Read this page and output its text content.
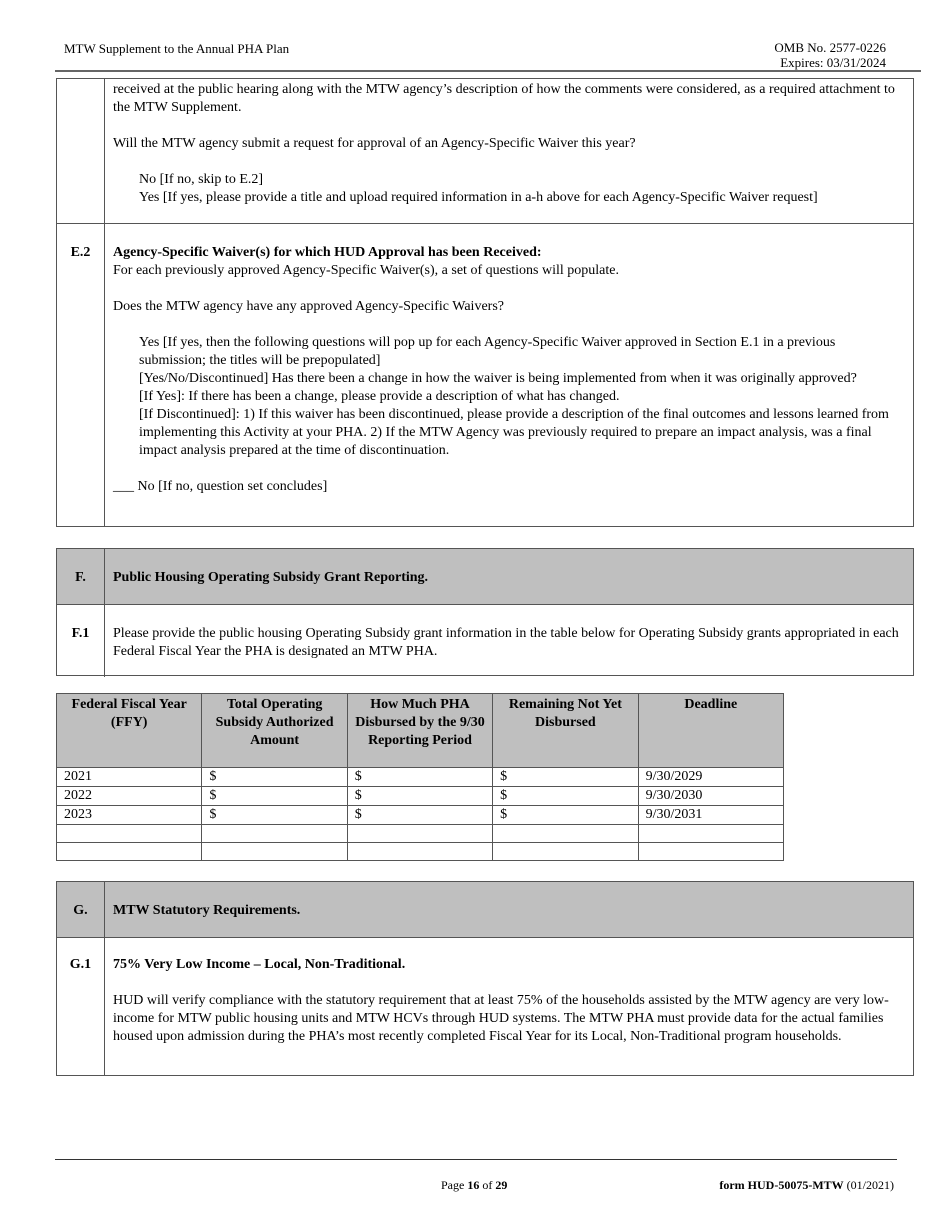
MTW Supplement to the Annual PHA Plan	OMB No. 2577-0226
Expires: 03/31/2024

received at the public hearing along with the MTW agency’s description of how the comments were considered, as a required attachment to the MTW Supplement.

Will the MTW agency submit a request for approval of an Agency-Specific Waiver this year?

No [If no, skip to E.2]

Yes [If yes, please provide a title and upload required information in a-h above for each Agency-Specific Waiver request]

E.2	Agency-Specific Waiver(s) for which HUD Approval has been Received:

For each previously approved Agency-Specific Waiver(s), a set of questions will populate.

Does the MTW agency have any approved Agency-Specific Waivers?

Yes [If yes, then the following questions will pop up for each Agency-Specific Waiver approved in Section E.1 in a previous submission; the titles will be prepopulated]

[Yes/No/Discontinued] Has there been a change in how the waiver is being implemented from when it was originally approved?

[If Yes]: If there has been a change, please provide a description of what has changed.

[If Discontinued]: 1) If this waiver has been discontinued, please provide a description of the final outcomes and lessons learned from implementing this Activity at your PHA. 2) If the MTW Agency was previously required to prepare an impact analysis, was a final impact analysis prepared at the time of discontinuation.

___ No [If no, question set concludes]

F.	Public Housing Operating Subsidy Grant Reporting.
F.1	Please provide the public housing Operating Subsidy grant information in the table below for Operating Subsidy grants appropriated in each Federal Fiscal Year the PHA is designated an MTW PHA.
Federal Fiscal Year (FFY)	Total Operating Subsidy Authorized Amount	How Much PHA Disbursed by the 9/30 Reporting Period	Remaining Not Yet Disbursed	Deadline
2021	$	$	$	9/30/2029
2022	$	$	$	9/30/2030
2023	$	$	$	9/30/2031

G.	MTW Statutory Requirements.
G.1	75% Very Low Income – Local, Non-Traditional.

HUD will verify compliance with the statutory requirement that at least 75% of the households assisted by the MTW agency are very low-income for MTW public housing units and MTW HCVs through HUD systems. The MTW PHA must provide data for the actual families housed upon admission during the PHA’s most recently completed Fiscal Year for its Local, Non-Traditional program households.

Page 16 of 29	form HUD-50075-MTW (01/2021)
